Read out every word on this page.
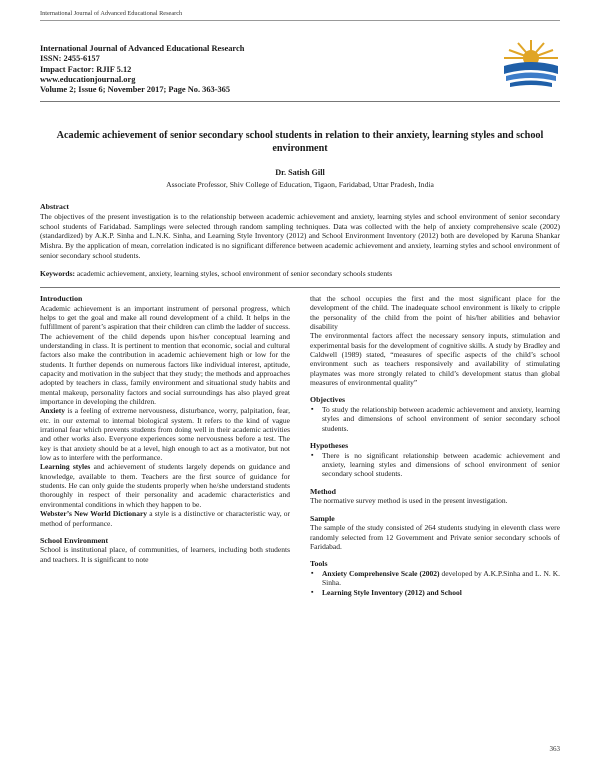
International Journal of Advanced Educational Research
International Journal of Advanced Educational Research
ISSN: 2455-6157
Impact Factor: RJIF 5.12
www.educationjournal.org
Volume 2; Issue 6; November 2017; Page No. 363-365
Academic achievement of senior secondary school students in relation to their anxiety, learning styles and school environment
Dr. Satish Gill
Associate Professor, Shiv College of Education, Tigaon, Faridabad, Uttar Pradesh, India
Abstract

The objectives of the present investigation is to the relationship between academic achievement and anxiety, learning styles and school environment of senior secondary school students of Faridabad. Samplings were selected through random sampling techniques. Data was collected with the help of anxiety comprehensive scale (2002) (standardized) by A.K.P. Sinha and L.N.K. Sinha, and Learning Style Inventory (2012) and School Environment Inventory (2012) both are developed by Karuna Shankar Mishra. By the application of mean, correlation indicated is no significant difference between academic achievement and anxiety, learning styles and school environment of senior secondary school students.

Keywords: academic achievement, anxiety, learning styles, school environment of senior secondary schools students
Introduction

Academic achievement is an important instrument of personal progress, which helps to get the goal and make all round development of a child. It helps in the fulfillment of parent’s aspiration that their children can climb the ladder of success. The achievement of the child depends upon his/her conceptual learning and understanding in class. It is pertinent to mention that economic, social and cultural factors also make the contribution in academic achievement high or low for the students. It further depends on numerous factors like individual interest, aptitude, capacity and motivation in the subject that they study; the methods and approaches adopted by teachers in class, family environment and situational study habits and mental makeup, personality factors and social surroundings has also played great importance in developing the children.

Anxiety is a feeling of extreme nervousness, disturbance, worry, palpitation, fear, etc. in our external to internal biological system. It refers to the kind of vague irrational fear which prevents students from doing well in their academic activities and other works also. Everyone experiences some nervousness before a test. The key is that anxiety should be at a level, high enough to act as a motivator, but not low as to interfere with the performance.

Learning styles and achievement of students largely depends on guidance and knowledge, available to them. Teachers are the first source of guidance for students. He can only guide the students properly when he/she understand students thoroughly in respect of their personality and academic characteristics and environmental conditions in which they happen to be.

Webster’s New World Dictionary a style is a distinctive or characteristic way, or method of performance.

School Environment

School is institutional place, of communities, of learners, including both students and teachers. It is significant to note

that the school occupies the first and the most significant place for the development of the child. The inadequate school environment is likely to cripple the personality of the child from the point of his/her abilities and behavior disability

The environmental factors affect the necessary sensory inputs, stimulation and experimental basis for the development of cognitive skills. A study by Bradley and Caldwell (1989) stated, “measures of specific aspects of the child’s school environment such as teachers responsively and availability of stimulating playmates was more strongly related to child’s development status than global measures of environmental quality”

Objectives
▪ To study the relationship between academic achievement and anxiety, learning styles and dimensions of school environment of senior secondary school students.
Hypotheses
▪ There is no significant relationship between academic achievement and anxiety, learning styles and dimensions of school environment of senior secondary school students.
Method

The normative survey method is used in the present investigation.

Sample

The sample of the study consisted of 264 students studying in eleventh class were randomly selected from 12 Government and Private senior secondary schools of Faridabad.

Tools
▪ Anxiety Comprehensive Scale (2002) developed by A.K.P.Sinha and L. N. K. Sinha.
▪ Learning Style Inventory (2012) and School
363
